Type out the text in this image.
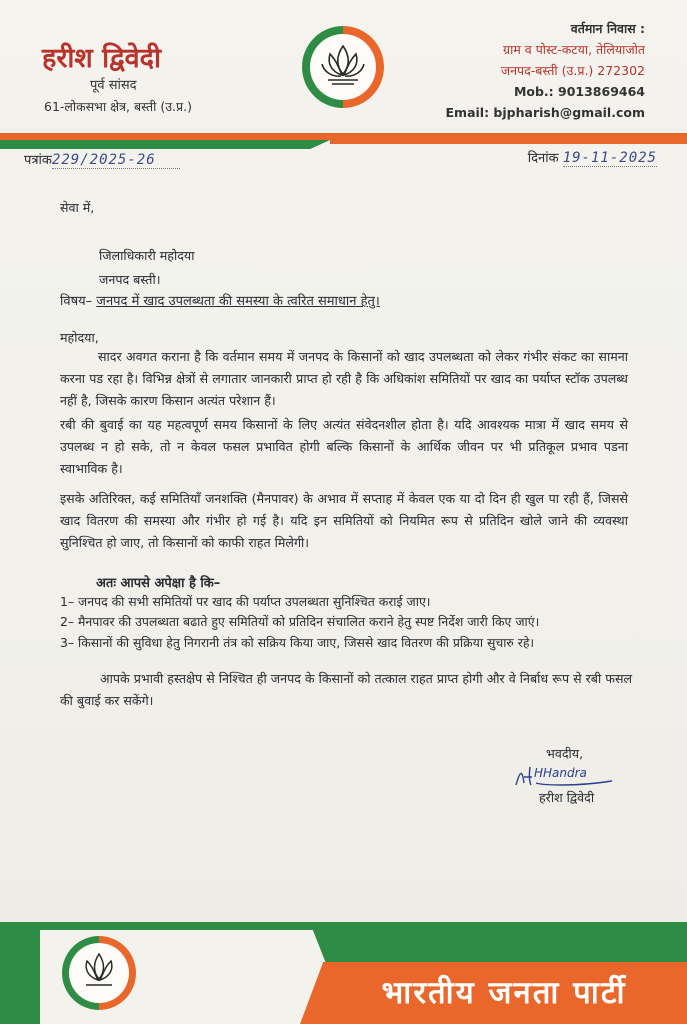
हरीश द्विवेदी
पूर्व सांसद
61-लोकसभा क्षेत्र, बस्ती (उ.प्र.)
वर्तमान निवास :
ग्राम व पोस्ट-कटया, तेलियाजोत
जनपद-बस्ती (उ.प्र.) 272302
Mob.: 9013869464
Email: bjpharish@gmail.com
पत्रांक229/2025-26	दिनांक 19-11-2025
सेवा में,
जिलाधिकारी महोदया
जनपद बस्ती।
विषय– जनपद में खाद उपलब्धता की समस्या के त्वरित समाधान हेतु।
महोदया,
सादर अवगत कराना है कि वर्तमान समय में जनपद के किसानों को खाद उपलब्धता को लेकर गंभीर संकट का सामना करना पड रहा है। विभिन्न क्षेत्रों से लगातार जानकारी प्राप्त हो रही है कि अधिकांश समितियों पर खाद का पर्याप्त स्टॉक उपलब्ध नहीं है, जिसके कारण किसान अत्यंत परेशान हैं।
रबी की बुवाई का यह महत्वपूर्ण समय किसानों के लिए अत्यंत संवेदनशील होता है। यदि आवश्यक मात्रा में खाद समय से उपलब्ध न हो सके, तो न केवल फसल प्रभावित होगी बल्कि किसानों के आर्थिक जीवन पर भी प्रतिकूल प्रभाव पडना स्वाभाविक है।
इसके अतिरिक्त, कई समितियाँ जनशक्ति (मैनपावर) के अभाव में सप्ताह में केवल एक या दो दिन ही खुल पा रही हैं, जिससे खाद वितरण की समस्या और गंभीर हो गई है। यदि इन समितियों को नियमित रूप से प्रतिदिन खोले जाने की व्यवस्था सुनिश्चित हो जाए, तो किसानों को काफी राहत मिलेगी।
अतः आपसे अपेक्षा है कि–
1– जनपद की सभी समितियों पर खाद की पर्याप्त उपलब्धता सुनिश्चित कराई जाए।
2– मैनपावर की उपलब्धता बढाते हुए समितियों को प्रतिदिन संचालित कराने हेतु स्पष्ट निर्देश जारी किए जाएं।
3– किसानों की सुविधा हेतु निगरानी तंत्र को सक्रिय किया जाए, जिससे खाद वितरण की प्रक्रिया सुचारु रहे।
आपके प्रभावी हस्तक्षेप से निश्चित ही जनपद के किसानों को तत्काल राहत प्राप्त होगी और वे निर्बाध रूप से रबी फसल की बुवाई कर सकेंगे।
भवदीय,
HHandra
हरीश द्विवेदी
भारतीय जनता पार्टी
